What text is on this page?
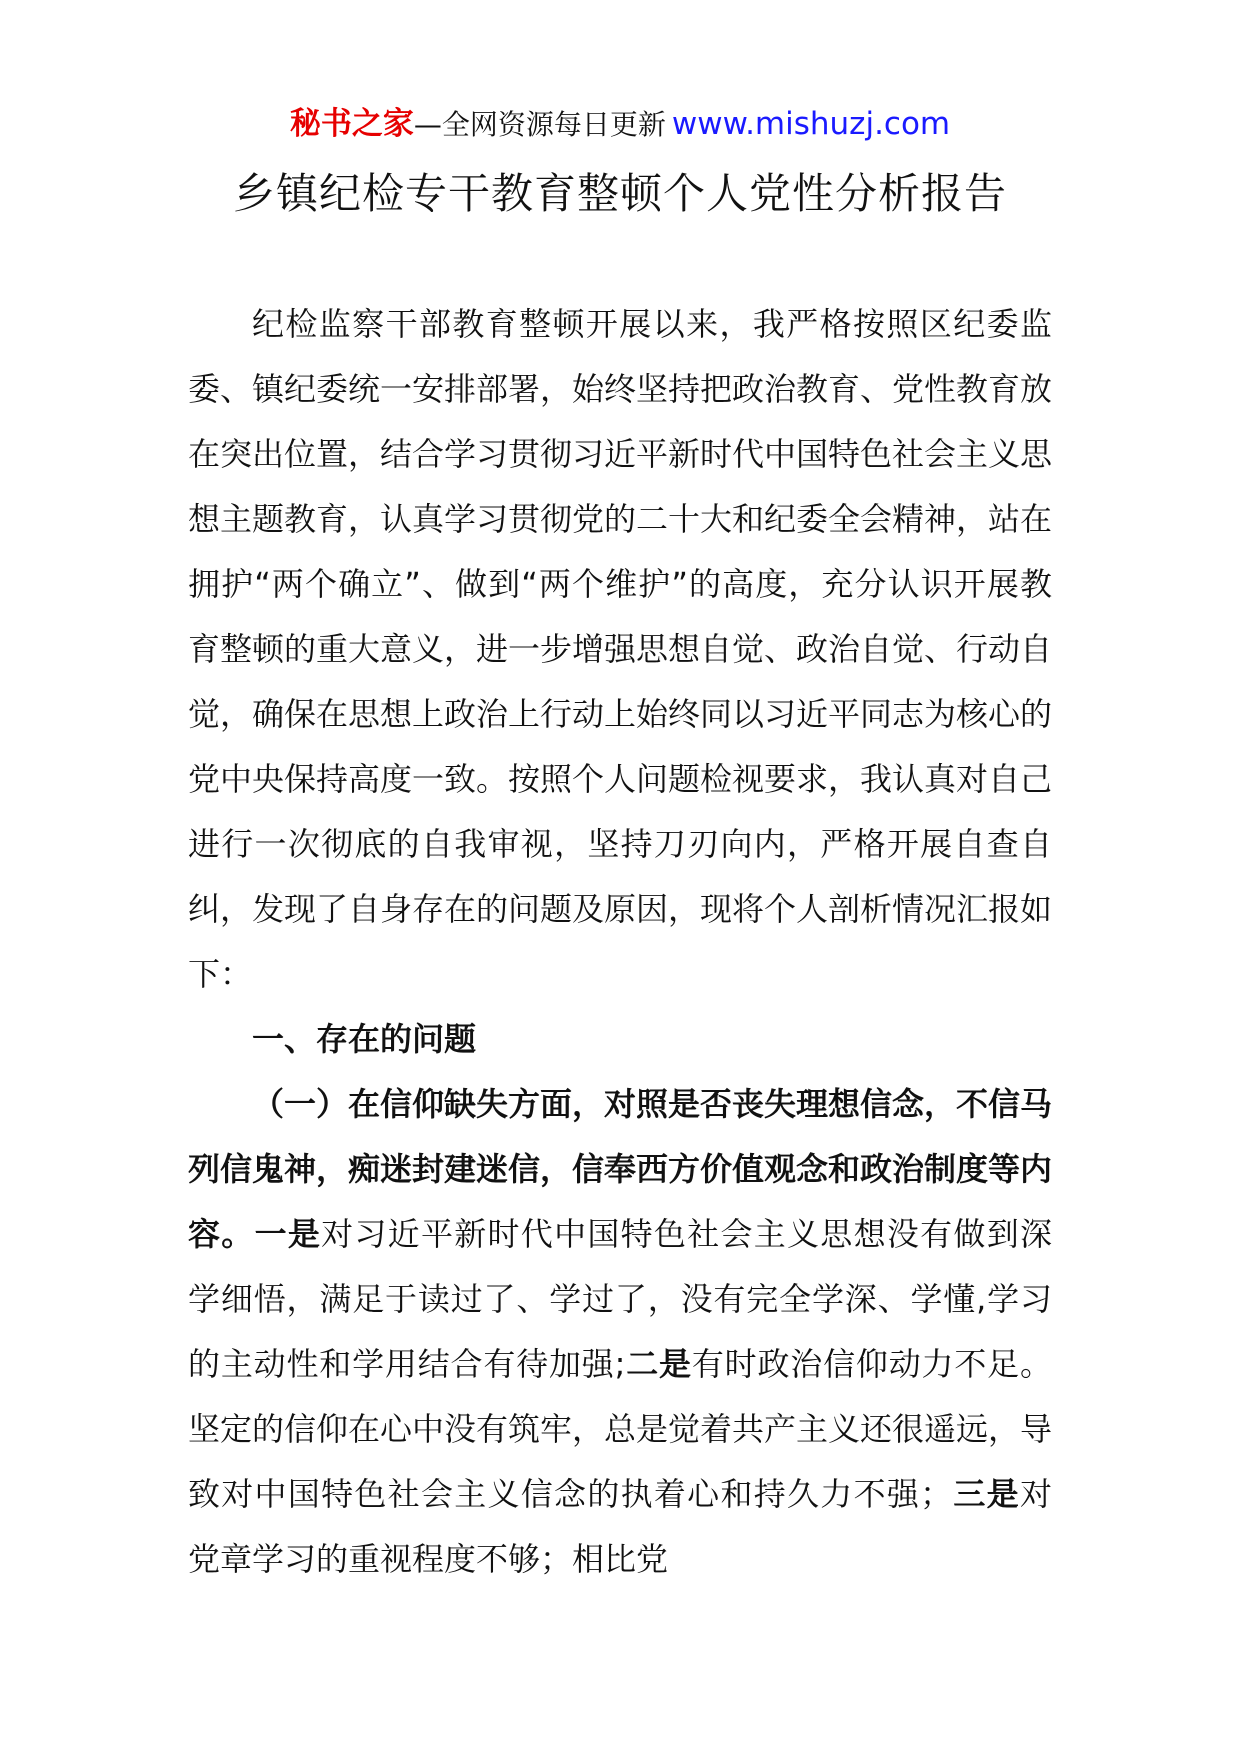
秘书之家—全网资源每日更新 www.mishuzj.com
乡镇纪检专干教育整顿个人党性分析报告

纪检监察干部教育整顿开展以来，我严格按照区纪委监委、镇纪委统一安排部署，始终坚持把政治教育、党性教育放在突出位置，结合学习贯彻习近平新时代中国特色社会主义思想主题教育，认真学习贯彻党的二十大和纪委全会精神，站在拥护“两个确立”、做到“两个维护”的高度，充分认识开展教育整顿的重大意义，进一步增强思想自觉、政治自觉、行动自觉，确保在思想上政治上行动上始终同以习近平同志为核心的党中央保持高度一致。按照个人问题检视要求，我认真对自己进行一次彻底的自我审视，坚持刀刃向内，严格开展自查自纠，发现了自身存在的问题及原因，现将个人剖析情况汇报如下：

一、存在的问题

（一）在信仰缺失方面，对照是否丧失理想信念，不信马列信鬼神，痴迷封建迷信，信奉西方价值观念和政治制度等内容。一是对习近平新时代中国特色社会主义思想没有做到深学细悟，满足于读过了、学过了，没有完全学深、学懂,学习的主动性和学用结合有待加强;二是有时政治信仰动力不足。坚定的信仰在心中没有筑牢，总是觉着共产主义还很遥远，导致对中国特色社会主义信念的执着心和持久力不强；三是对党章学习的重视程度不够；相比党
